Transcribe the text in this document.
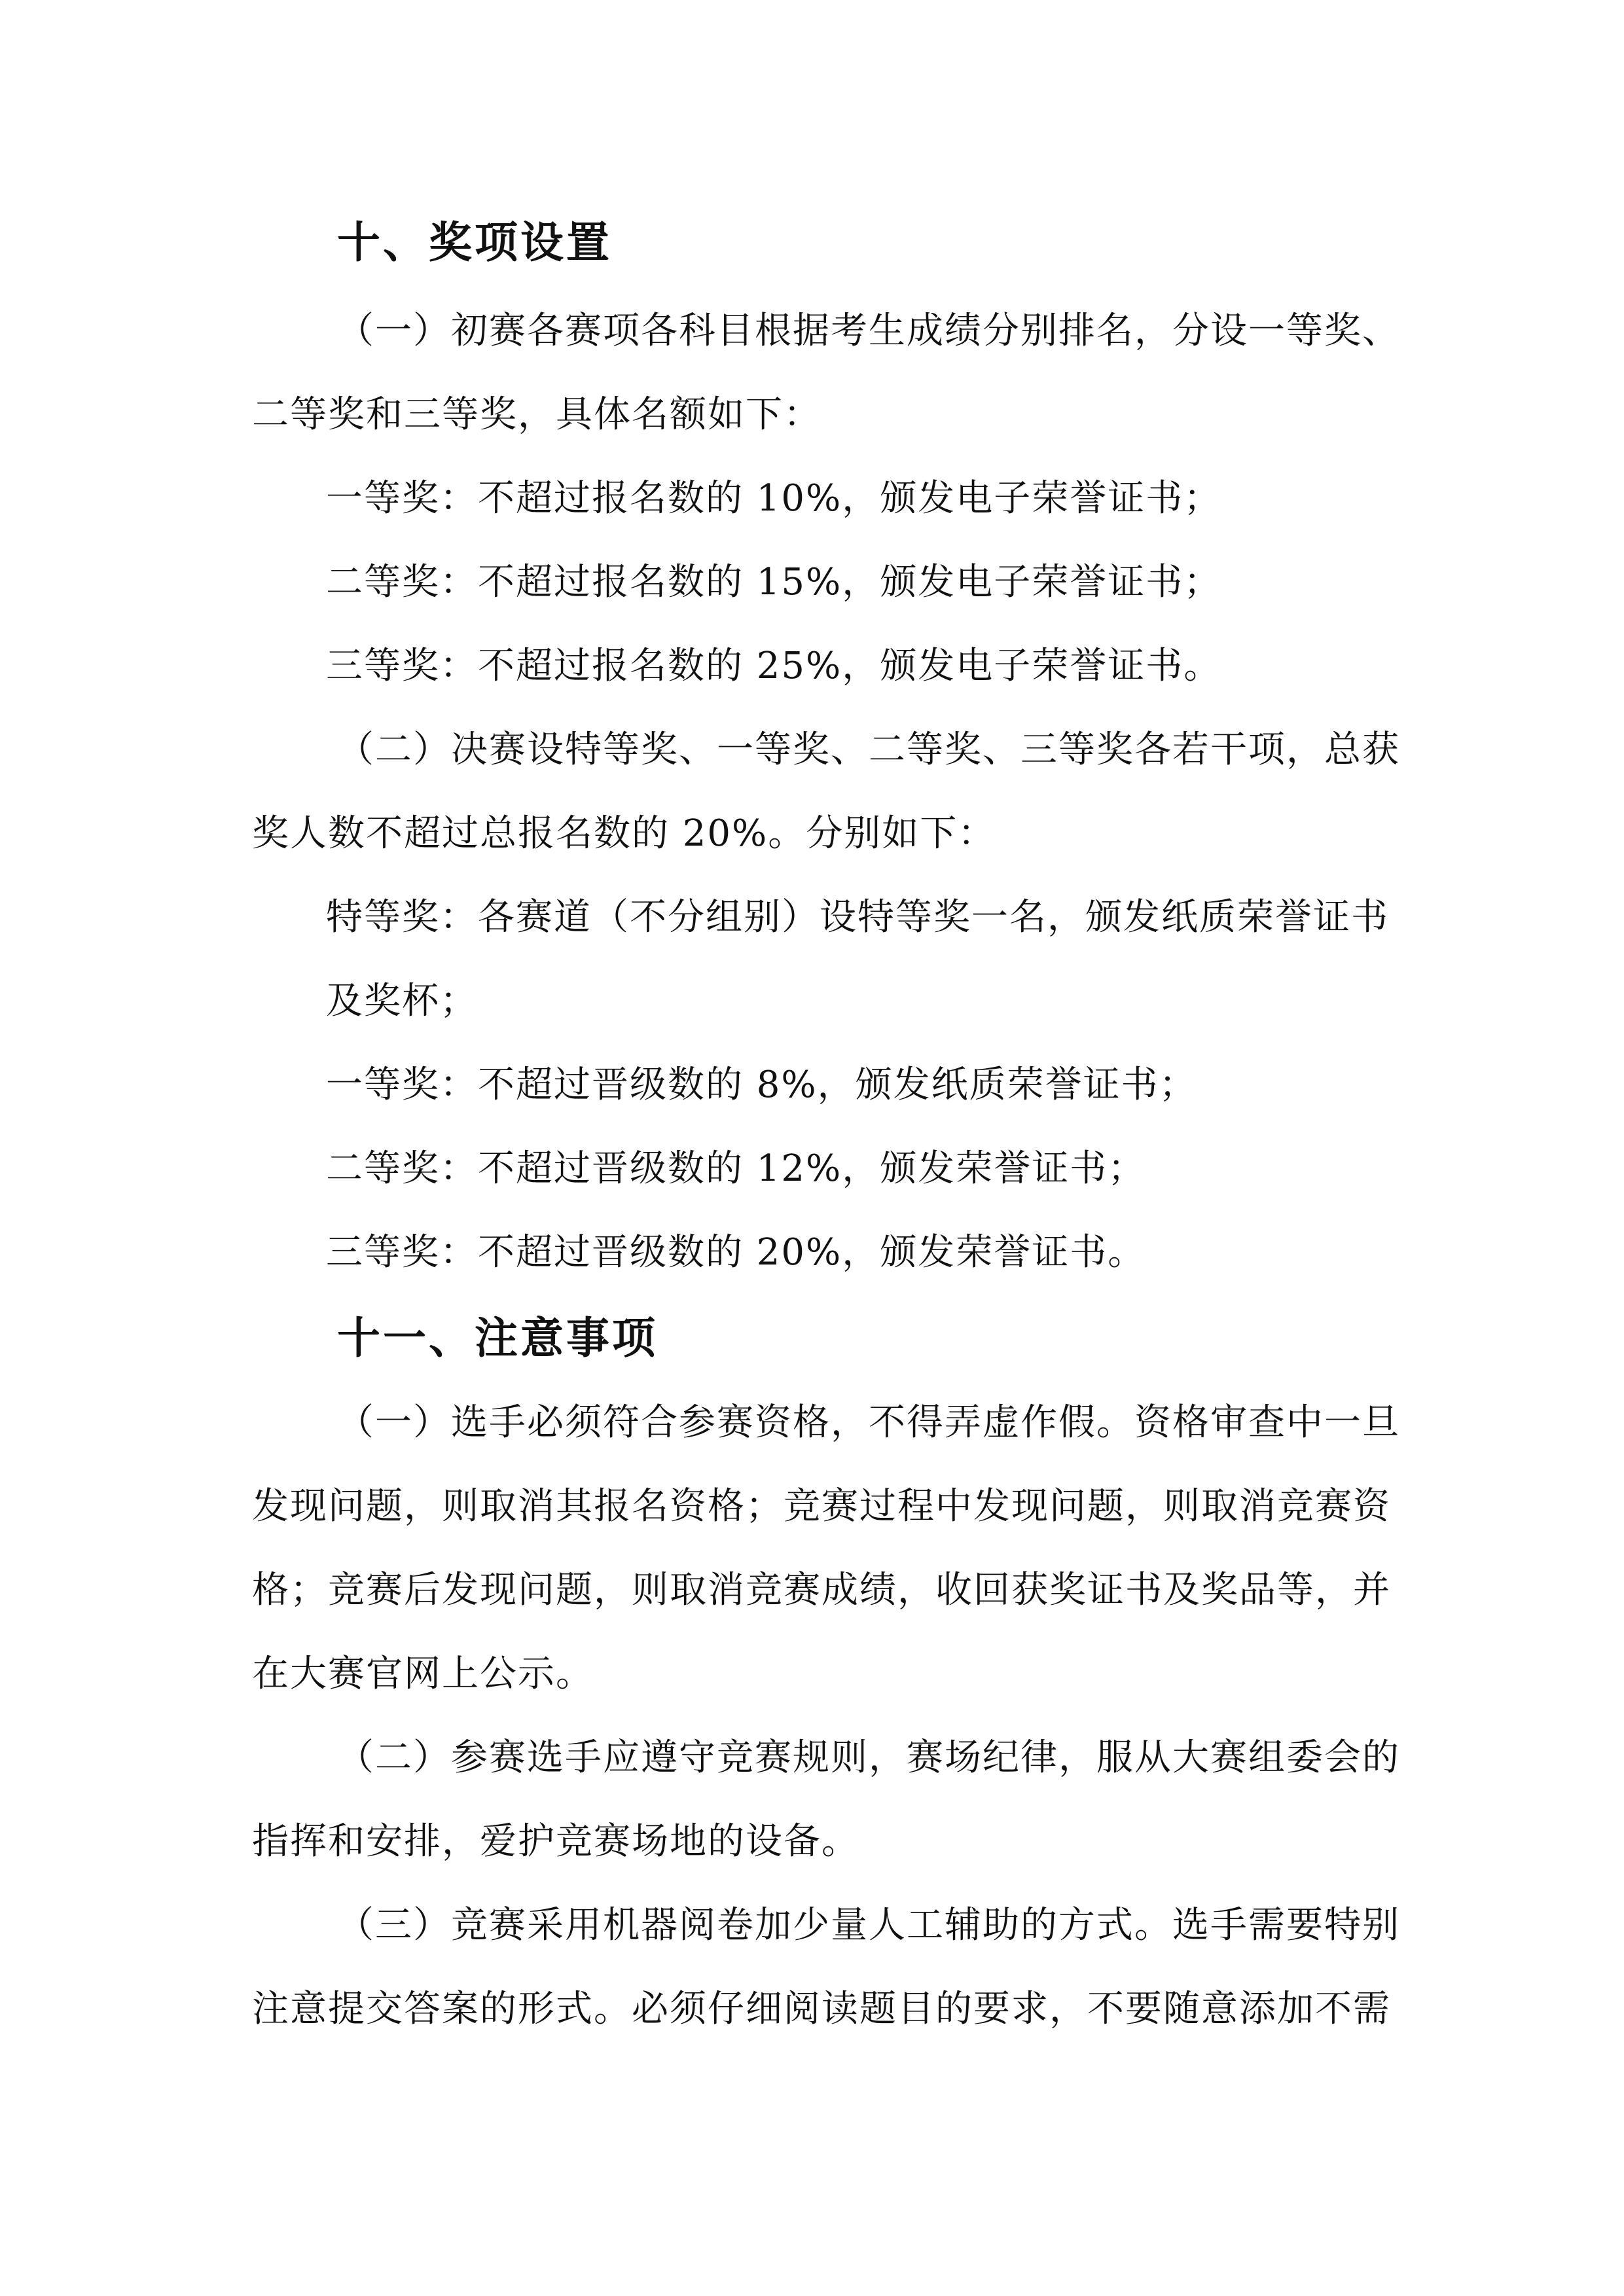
十、奖项设置
（一）初赛各赛项各科目根据考生成绩分别排名，分设一等奖、
二等奖和三等奖，具体名额如下：
一等奖：不超过报名数的 10%，颁发电子荣誉证书；
二等奖：不超过报名数的 15%，颁发电子荣誉证书；
三等奖：不超过报名数的 25%，颁发电子荣誉证书。
（二）决赛设特等奖、一等奖、二等奖、三等奖各若干项，总获
奖人数不超过总报名数的 20%。分别如下：
特等奖：各赛道（不分组别）设特等奖一名，颁发纸质荣誉证书
及奖杯；
一等奖：不超过晋级数的 8%，颁发纸质荣誉证书；
二等奖：不超过晋级数的 12%，颁发荣誉证书；
三等奖：不超过晋级数的 20%，颁发荣誉证书。
十一、注意事项
（一）选手必须符合参赛资格，不得弄虚作假。资格审查中一旦
发现问题，则取消其报名资格；竞赛过程中发现问题，则取消竞赛资
格；竞赛后发现问题，则取消竞赛成绩，收回获奖证书及奖品等，并
在大赛官网上公示。
（二）参赛选手应遵守竞赛规则，赛场纪律，服从大赛组委会的
指挥和安排，爱护竞赛场地的设备。
（三）竞赛采用机器阅卷加少量人工辅助的方式。选手需要特别
注意提交答案的形式。必须仔细阅读题目的要求，不要随意添加不需
